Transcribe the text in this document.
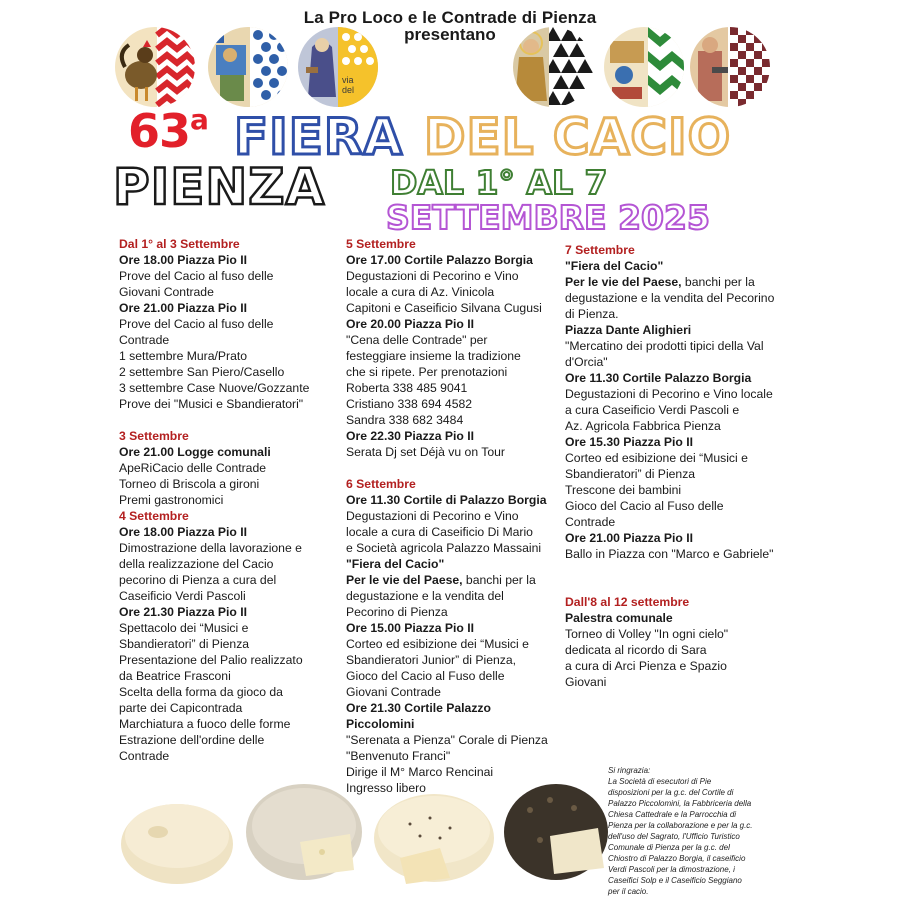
La Pro Loco e le Contrade di Pienza
presentano
via
del
63$^a$ FIERA DEL CACIO
PIENZA DAL 1° AL 7
SETTEMBRE 2025
Dal 1° al 3 Settembre
Ore 18.00 Piazza Pio II
Prove del Cacio al fuso delle
Giovani Contrade
Ore 21.00 Piazza Pio II
Prove del Cacio al fuso delle
Contrade
1 settembre Mura/Prato
2 settembre San Piero/Casello
3 settembre Case Nuove/Gozzante
Prove dei "Musici e Sbandieratori"
3 Settembre
Ore 21.00 Logge comunali
ApeRiCacio delle Contrade
Torneo di Briscola a gironi
Premi gastronomici
4 Settembre
Ore 18.00 Piazza Pio II
Dimostrazione della lavorazione e
della realizzazione del Cacio
pecorino di Pienza a cura del
Caseificio Verdi Pascoli
Ore 21.30 Piazza Pio II
Spettacolo dei “Musici e
Sbandieratori” di Pienza
Presentazione del Palio realizzato
da Beatrice Frasconi
Scelta della forma da gioco da
parte dei Capicontrada
Marchiatura a fuoco delle forme
Estrazione dell'ordine delle
Contrade
5 Settembre
Ore 17.00 Cortile Palazzo Borgia
Degustazioni di Pecorino e Vino
locale a cura di Az. Vinicola
Capitoni e Caseificio Silvana Cugusi
Ore 20.00 Piazza Pio II
"Cena delle Contrade" per
festeggiare insieme la tradizione
che si ripete. Per prenotazioni
Roberta 338 485 9041
Cristiano 338 694 4582
Sandra 338 682 3484
Ore 22.30 Piazza Pio II
Serata Dj set Déjà vu on Tour
6 Settembre
Ore 11.30 Cortile di Palazzo Borgia
Degustazioni di Pecorino e Vino
locale a cura di Caseificio Di Mario
e Società agricola Palazzo Massaini
"Fiera del Cacio"
Per le vie del Paese, banchi per la
degustazione e la vendita del
Pecorino di Pienza
Ore 15.00 Piazza Pio II
Corteo ed esibizione dei “Musici e
Sbandieratori Junior” di Pienza,
Gioco del Cacio al Fuso delle
Giovani Contrade
Ore 21.30 Cortile Palazzo
Piccolomini
"Serenata a Pienza" Corale di Pienza
"Benvenuto Franci"
Dirige il M° Marco Rencinai
Ingresso libero
7 Settembre
"Fiera del Cacio"
Per le vie del Paese, banchi per la
degustazione e la vendita del Pecorino
di Pienza.
Piazza Dante Alighieri
"Mercatino dei prodotti tipici della Val
d'Orcia"
Ore 11.30 Cortile Palazzo Borgia
Degustazioni di Pecorino e Vino locale
a cura Caseificio Verdi Pascoli e
Az. Agricola Fabbrica Pienza
Ore 15.30 Piazza Pio II
Corteo ed esibizione dei “Musici e
Sbandieratori” di Pienza
Trescone dei bambini
Gioco del Cacio al Fuso delle
Contrade
Ore 21.00 Piazza Pio II
Ballo in Piazza con "Marco e Gabriele"
Dall'8 al 12 settembre
Palestra comunale
Torneo di Volley "In ogni cielo"
dedicata al ricordo di Sara
a cura di Arci Pienza e Spazio
Giovani
Si ringrazia:
La Società di esecutori di Pie
disposizioni per la g.c. del Cortile di
Palazzo Piccolomini, la Fabbriceria della
Chiesa Cattedrale e la Parrocchia di
Pienza per la collaborazione e per la g.c.
dell'uso del Sagrato, l'Ufficio Turistico
Comunale di Pienza per la g.c. del
Chiostro di Palazzo Borgia, il caseificio
Verdi Pascoli per la dimostrazione, i
Caseifici Solp e il Caseificio Seggiano
per il cacio.
